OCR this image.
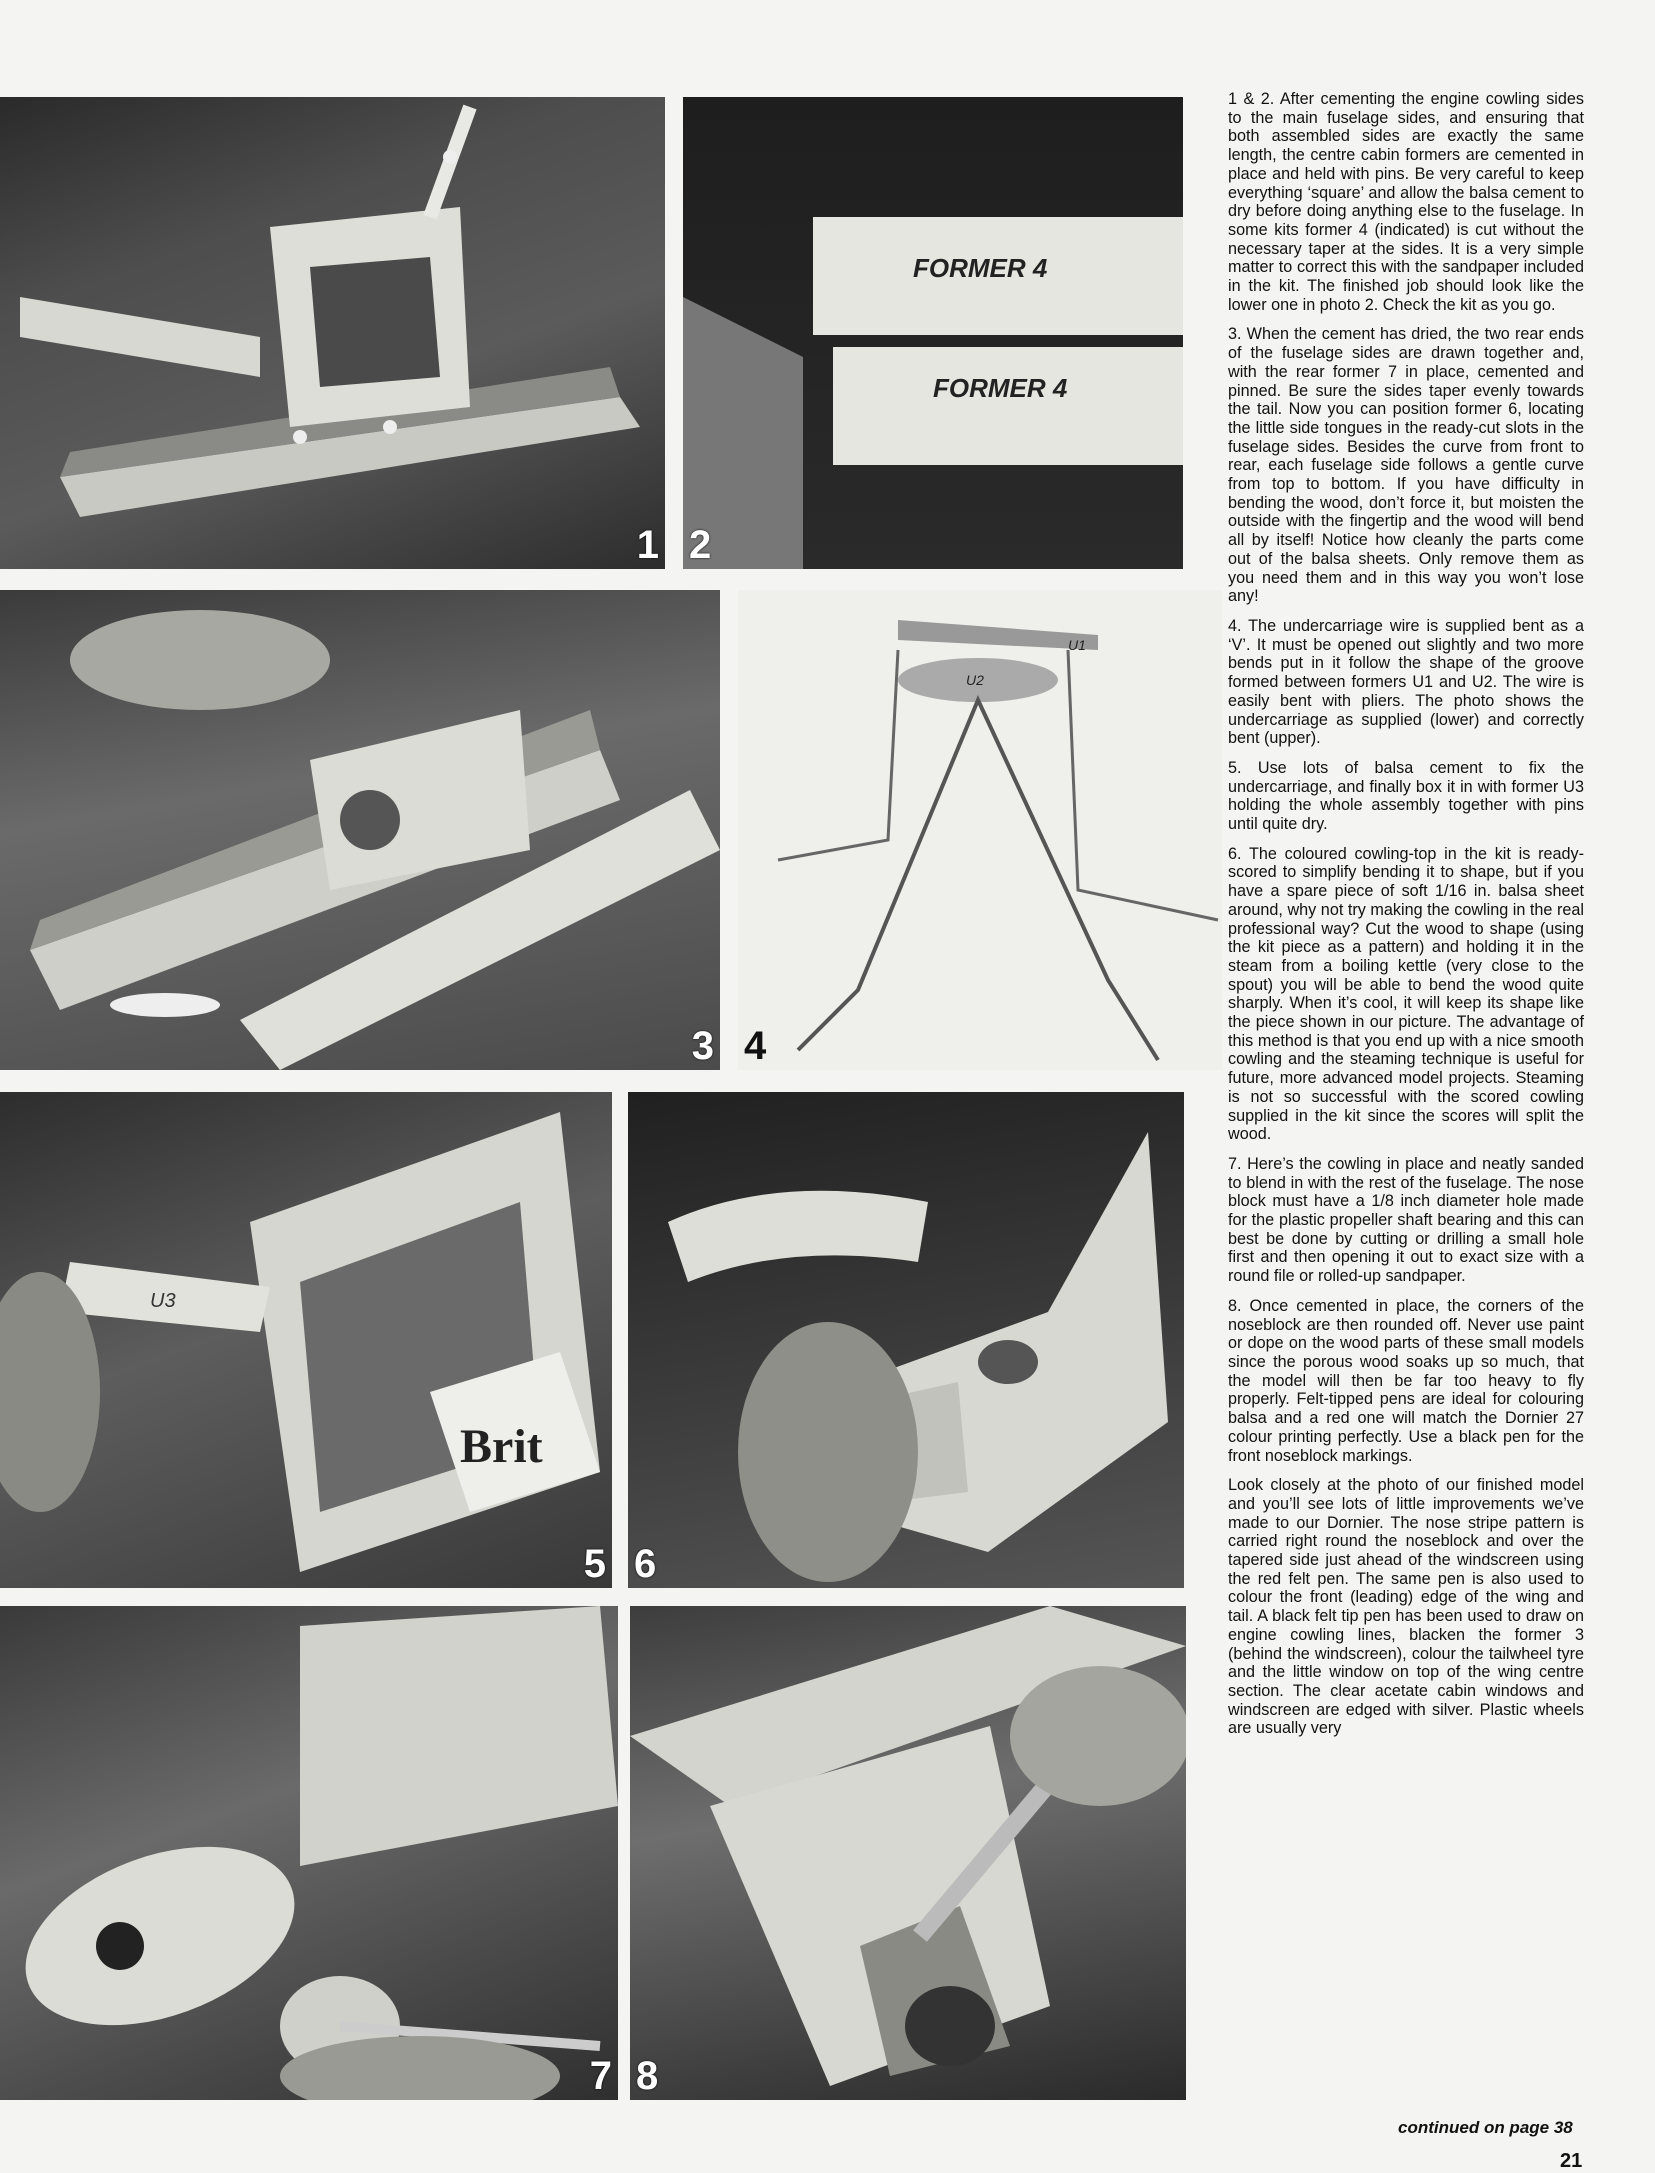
1
FORMER 4
FORMER 4
2
3
U1
U2
4
U3
Brit
5 6
7 8

1 & 2. After cementing the engine cowling sides to the main fuselage sides, and ensuring that both assembled sides are exactly the same length, the centre cabin formers are cemented in place and held with pins. Be very careful to keep everything ‘square’ and allow the balsa cement to dry before doing anything else to the fuselage. In some kits former 4 (indicated) is cut without the necessary taper at the sides. It is a very simple matter to correct this with the sandpaper included in the kit. The finished job should look like the lower one in photo 2. Check the kit as you go.

3. When the cement has dried, the two rear ends of the fuselage sides are drawn together and, with the rear former 7 in place, cemented and pinned. Be sure the sides taper evenly towards the tail. Now you can position former 6, locating the little side tongues in the ready-cut slots in the fuselage sides. Besides the curve from front to rear, each fuselage side follows a gentle curve from top to bottom. If you have difficulty in bending the wood, don’t force it, but moisten the outside with the fingertip and the wood will bend all by itself! Notice how cleanly the parts come out of the balsa sheets. Only remove them as you need them and in this way you won’t lose any!

4. The undercarriage wire is supplied bent as a ‘V’. It must be opened out slightly and two more bends put in it follow the shape of the groove formed between formers U1 and U2. The wire is easily bent with pliers. The photo shows the undercarriage as supplied (lower) and correctly bent (upper).

5. Use lots of balsa cement to fix the undercarriage, and finally box it in with former U3 holding the whole assembly together with pins until quite dry.

6. The coloured cowling-top in the kit is ready-scored to simplify bending it to shape, but if you have a spare piece of soft 1/16 in. balsa sheet around, why not try making the cowling in the real professional way? Cut the wood to shape (using the kit piece as a pattern) and holding it in the steam from a boiling kettle (very close to the spout) you will be able to bend the wood quite sharply. When it’s cool, it will keep its shape like the piece shown in our picture. The advantage of this method is that you end up with a nice smooth cowling and the steaming technique is useful for future, more advanced model projects. Steaming is not so successful with the scored cowling supplied in the kit since the scores will split the wood.

7. Here’s the cowling in place and neatly sanded to blend in with the rest of the fuselage. The nose block must have a 1/8 inch diameter hole made for the plastic propeller shaft bearing and this can best be done by cutting or drilling a small hole first and then opening it out to exact size with a round file or rolled-up sandpaper.

8. Once cemented in place, the corners of the noseblock are then rounded off. Never use paint or dope on the wood parts of these small models since the porous wood soaks up so much, that the model will then be far too heavy to fly properly. Felt-tipped pens are ideal for colouring balsa and a red one will match the Dornier 27 colour printing perfectly. Use a black pen for the front noseblock markings.

Look closely at the photo of our finished model and you’ll see lots of little improvements we’ve made to our Dornier. The nose stripe pattern is carried right round the noseblock and over the tapered side just ahead of the windscreen using the red felt pen. The same pen is also used to colour the front (leading) edge of the wing and tail. A black felt tip pen has been used to draw on engine cowling lines, blacken the former 3 (behind the windscreen), colour the tailwheel tyre and the little window on top of the wing centre section. The clear acetate cabin windows and windscreen are edged with silver. Plastic wheels are usually very

continued on page 38
21
